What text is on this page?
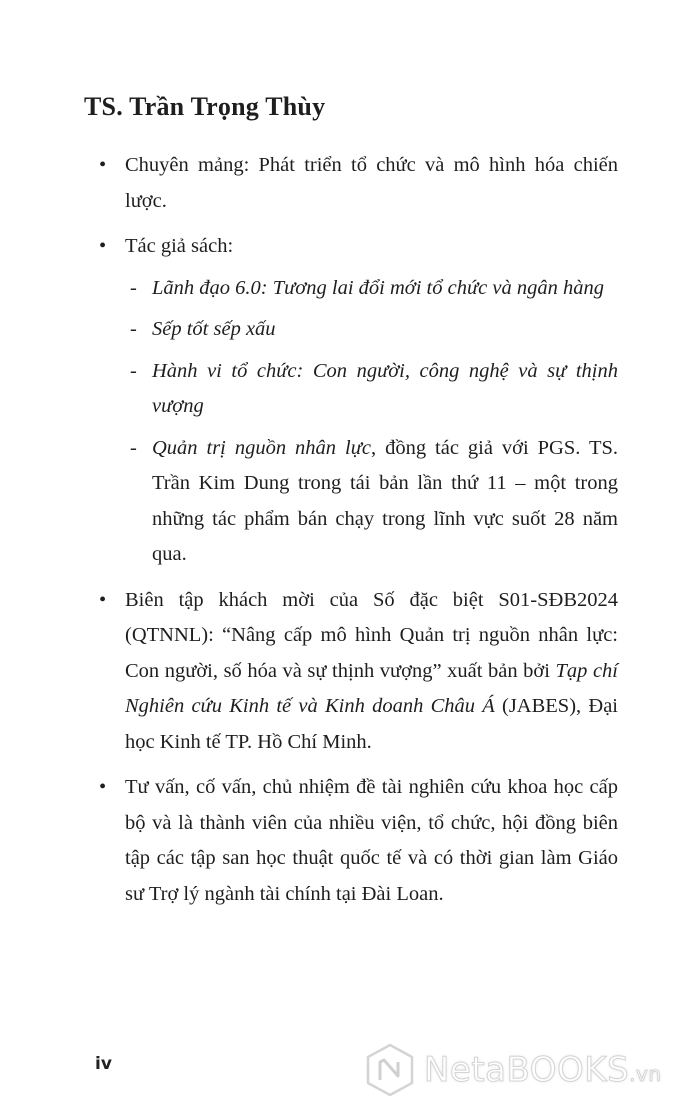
TS. Trần Trọng Thùy
• Chuyên mảng: Phát triển tổ chức và mô hình hóa chiến lược.
• Tác giả sách:
- Lãnh đạo 6.0: Tương lai đổi mới tổ chức và ngân hàng
- Sếp tốt sếp xấu
- Hành vi tổ chức: Con người, công nghệ và sự thịnh vượng
- Quản trị nguồn nhân lực, đồng tác giả với PGS. TS. Trần Kim Dung trong tái bản lần thứ 11 – một trong những tác phẩm bán chạy trong lĩnh vực suốt 28 năm qua.
• Biên tập khách mời của Số đặc biệt S01-SĐB2024 (QTNNL): “Nâng cấp mô hình Quản trị nguồn nhân lực: Con người, số hóa và sự thịnh vượng” xuất bản bởi Tạp chí Nghiên cứu Kinh tế và Kinh doanh Châu Á (JABES), Đại học Kinh tế TP. Hồ Chí Minh.
• Tư vấn, cố vấn, chủ nhiệm đề tài nghiên cứu khoa học cấp bộ và là thành viên của nhiều viện, tổ chức, hội đồng biên tập các tập san học thuật quốc tế và có thời gian làm Giáo sư Trợ lý ngành tài chính tại Đài Loan.
iv	NetaBOOKS.vn
